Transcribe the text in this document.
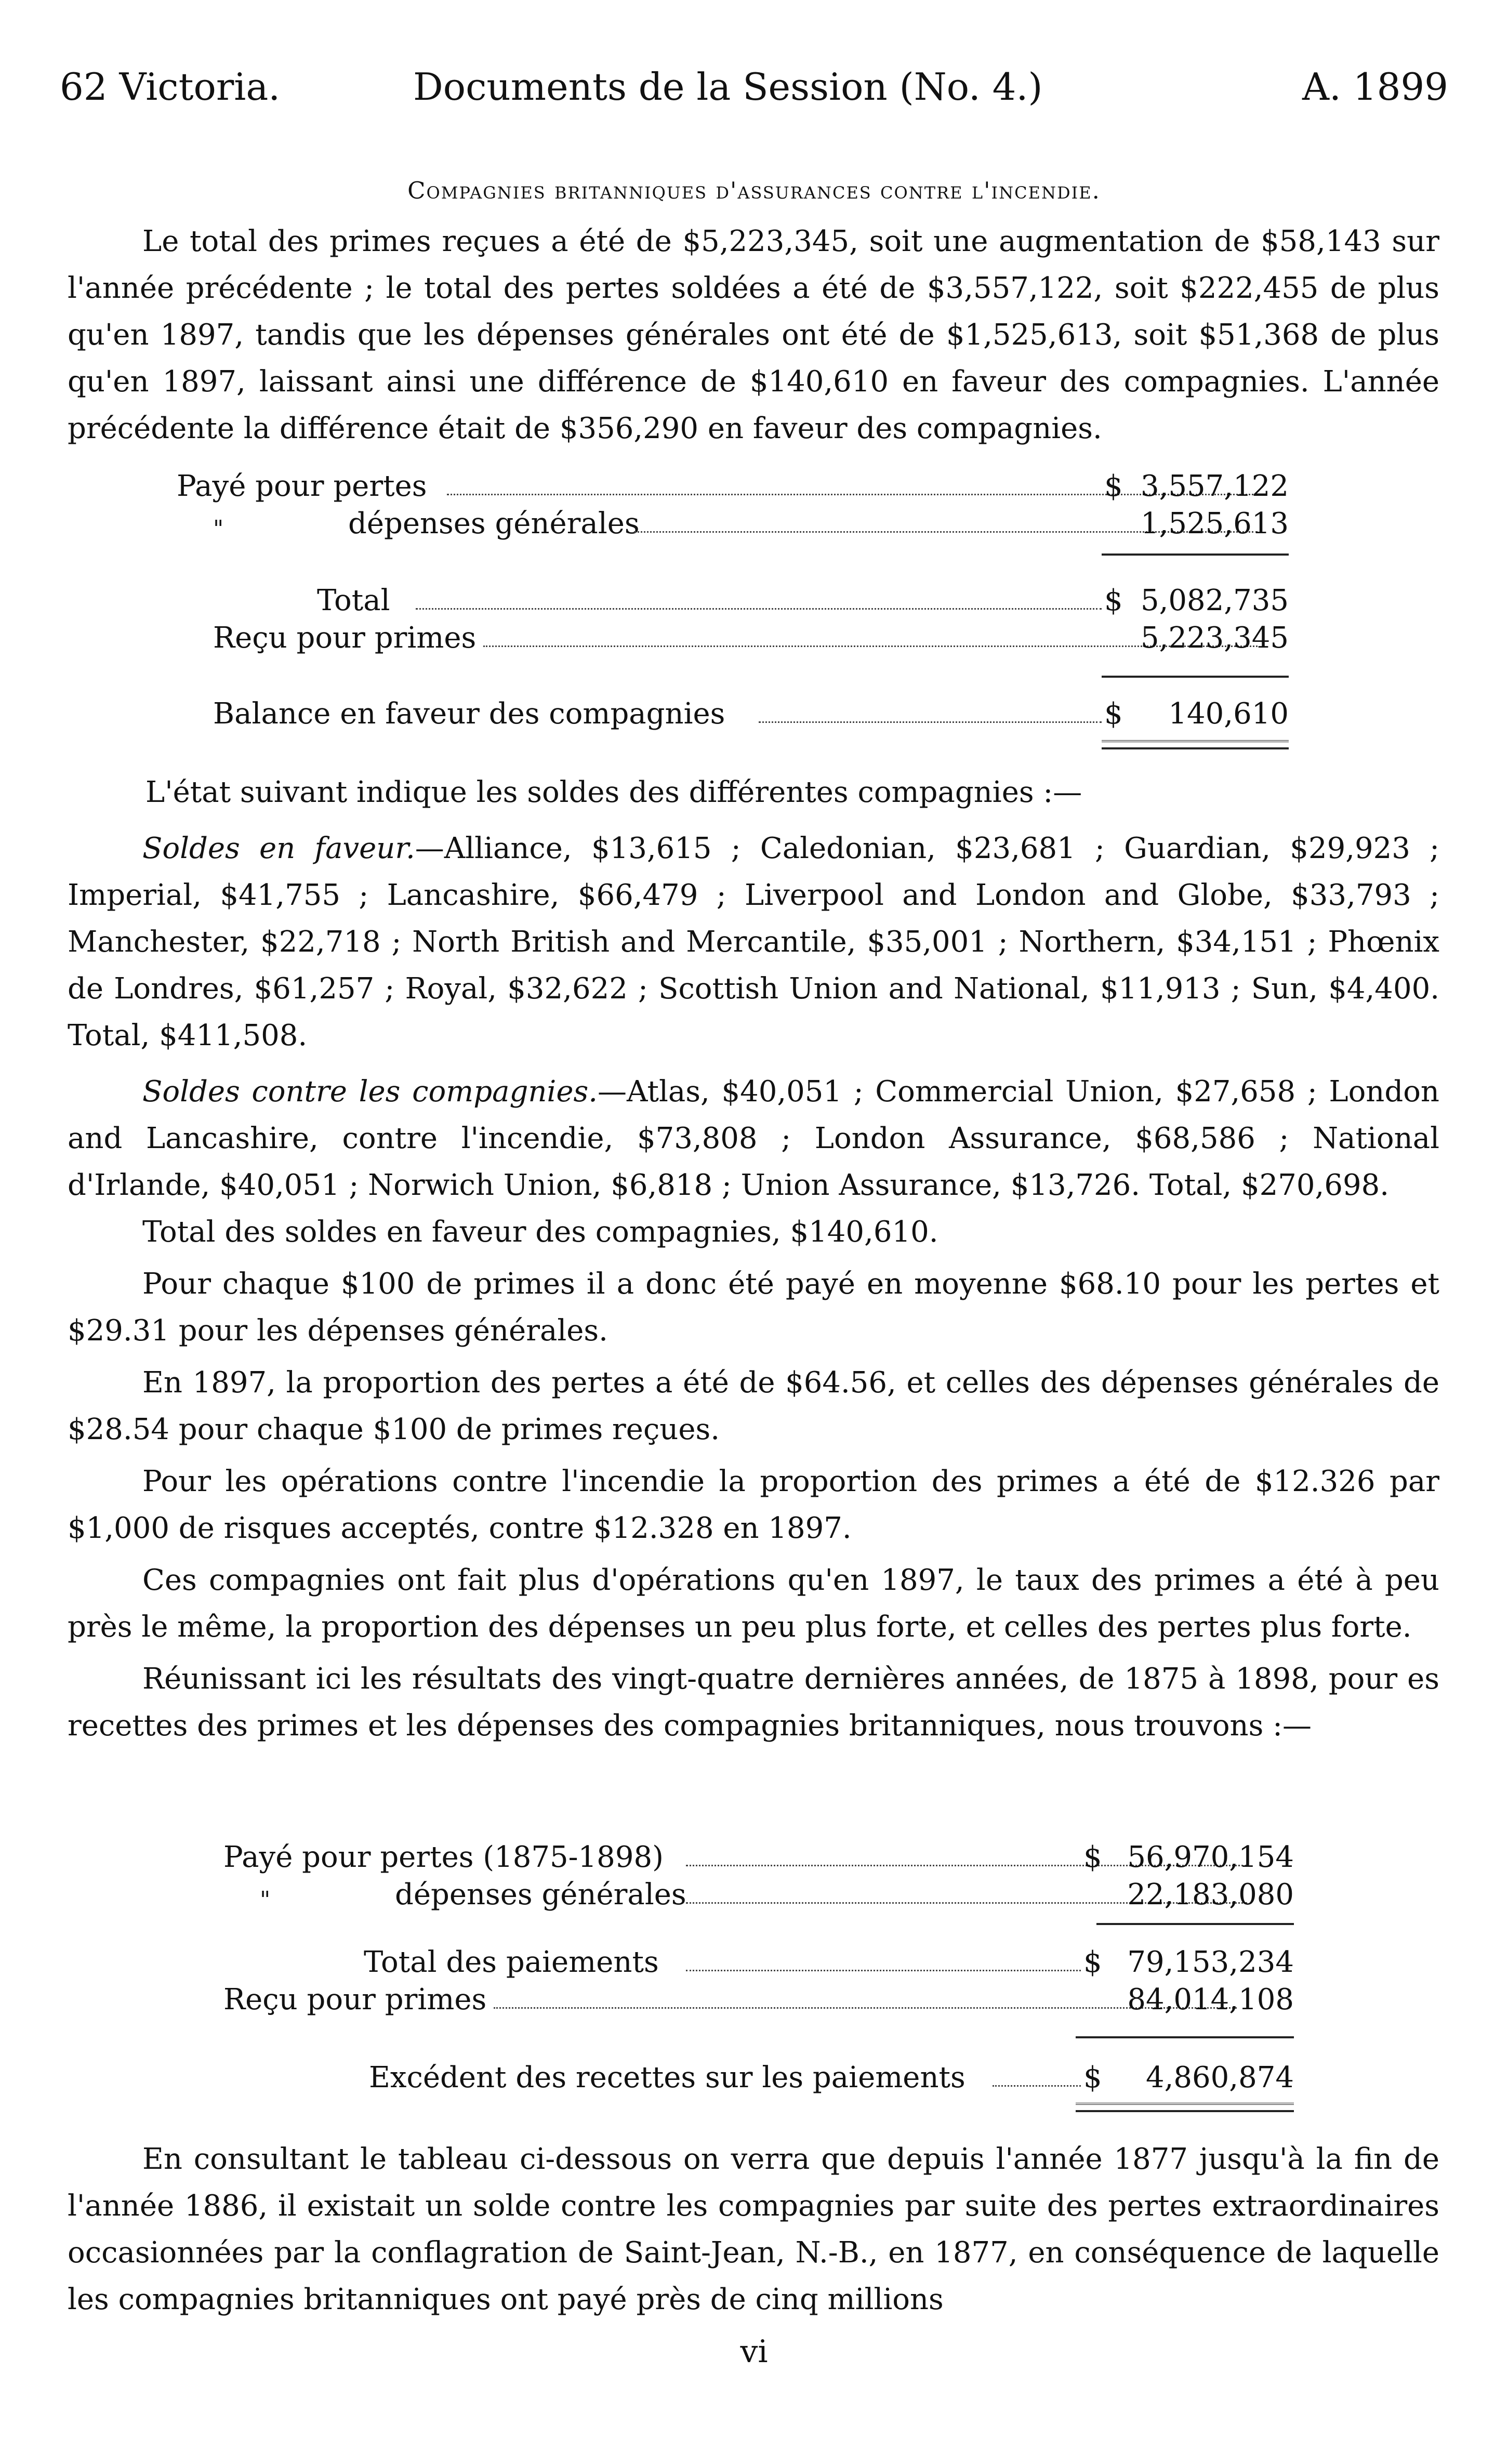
62 Victoria.	Documents de la Session (No. 4.)	A. 1899
Compagnies britanniques d'assurances contre l'incendie.

Le total des primes reçues a été de $5,223,345, soit une augmentation de $58,143 sur l'année précédente ; le total des pertes soldées a été de $3,557,122, soit $222,455 de plus qu'en 1897, tandis que les dépenses générales ont été de $1,525,613, soit $51,368 de plus qu'en 1897, laissant ainsi une différence de $140,610 en faveur des compagnies. L'année précédente la différence était de $356,290 en faveur des compagnies.

Payé pour pertes	$ 3,557,122
"	dépenses générales	1,525,613
Total	$ 5,082,735
Reçu pour primes	5,223,345
Balance en faveur des compagnies	$	140,610

L'état suivant indique les soldes des différentes compagnies :—

Soldes en faveur.—Alliance, $13,615 ; Caledonian, $23,681 ; Guardian, $29,923 ; Imperial, $41,755 ; Lancashire, $66,479 ; Liverpool and London and Globe, $33,793 ; Manchester, $22,718 ; North British and Mercantile, $35,001 ; Northern, $34,151 ; Phœnix de Londres, $61,257 ; Royal, $32,622 ; Scottish Union and National, $11,913 ; Sun, $4,400. Total, $411,508.

Soldes contre les compagnies.—Atlas, $40,051 ; Commercial Union, $27,658 ; London and Lancashire, contre l'incendie, $73,808 ; London Assurance, $68,586 ; National d'Irlande, $40,051 ; Norwich Union, $6,818 ; Union Assurance, $13,726. Total, $270,698.

Total des soldes en faveur des compagnies, $140,610.

Pour chaque $100 de primes il a donc été payé en moyenne $68.10 pour les pertes et $29.31 pour les dépenses générales.

En 1897, la proportion des pertes a été de $64.56, et celles des dépenses générales de $28.54 pour chaque $100 de primes reçues.

Pour les opérations contre l'incendie la proportion des primes a été de $12.326 par $1,000 de risques acceptés, contre $12.328 en 1897.

Ces compagnies ont fait plus d'opérations qu'en 1897, le taux des primes a été à peu près le même, la proportion des dépenses un peu plus forte, et celles des pertes plus forte.

Réunissant ici les résultats des vingt-quatre dernières années, de 1875 à 1898, pour es recettes des primes et les dépenses des compagnies britanniques, nous trouvons :—

Payé pour pertes (1875-1898)	$ 56,970,154
"	dépenses générales	22,183,080
Total des paiements	$ 79,153,234
Reçu pour primes	84,014,108
Excédent des recettes sur les paiements	$	4,860,874

En consultant le tableau ci-dessous on verra que depuis l'année 1877 jusqu'à la fin de l'année 1886, il existait un solde contre les compagnies par suite des pertes extraordinaires occasionnées par la conflagration de Saint-Jean, N.-B., en 1877, en conséquence de laquelle les compagnies britanniques ont payé près de cinq millions

vi
